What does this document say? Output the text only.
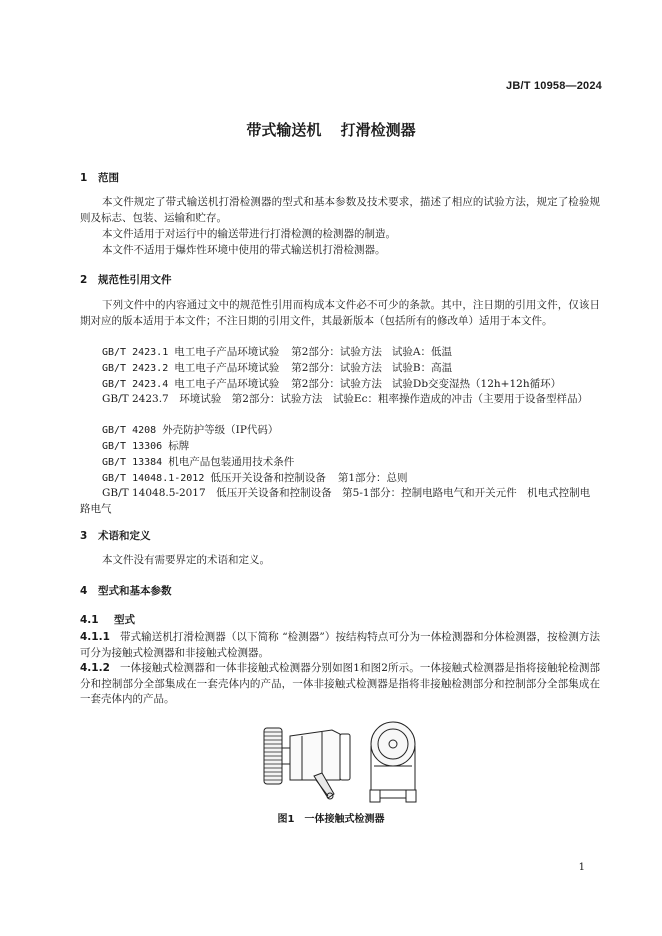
JB/T 10958—2024
带式输送机 打滑检测器
1 范围
本文件规定了带式输送机打滑检测器的型式和基本参数及技术要求，描述了相应的试验方法，规定了检验规则及标志、包装、运输和贮存。
本文件适用于对运行中的输送带进行打滑检测的检测器的制造。
本文件不适用于爆炸性环境中使用的带式输送机打滑检测器。
2 规范性引用文件
下列文件中的内容通过文中的规范性引用而构成本文件必不可少的条款。其中，注日期的引用文件，仅该日期对应的版本适用于本文件；不注日期的引用文件，其最新版本（包括所有的修改单）适用于本文件。
GB/T 2423.1 电工电子产品环境试验 第2部分：试验方法 试验A：低温
GB/T 2423.2 电工电子产品环境试验 第2部分：试验方法 试验B：高温
GB/T 2423.4 电工电子产品环境试验 第2部分：试验方法 试验Db交变湿热（12h+12h循环）
GB/T 2423.7　环境试验　第2部分：试验方法　试验Ec：粗率操作造成的冲击（主要用于设备型样品）
GB/T 4208 外壳防护等级（IP代码）
GB/T 13306 标牌
GB/T 13384 机电产品包装通用技术条件
GB/T 14048.1-2012 低压开关设备和控制设备 第1部分：总则
GB/T 14048.5-2017　低压开关设备和控制设备　第5-1部分：控制电路电气和开关元件　机电式控制电路电气
3 术语和定义
本文件没有需要界定的术语和定义。
4 型式和基本参数
4.1 型式
4.1.1 带式输送机打滑检测器（以下简称 “检测器”）按结构特点可分为一体检测器和分体检测器，按检测方法可分为接触式检测器和非接触式检测器。
4.1.2 一体接触式检测器和一体非接触式检测器分别如图1和图2所示。一体接触式检测器是指将接触轮检测部分和控制部分全部集成在一套壳体内的产品，一体非接触式检测器是指将非接触检测部分和控制部分全部集成在一套壳体内的产品。
图1　一体接触式检测器
1
